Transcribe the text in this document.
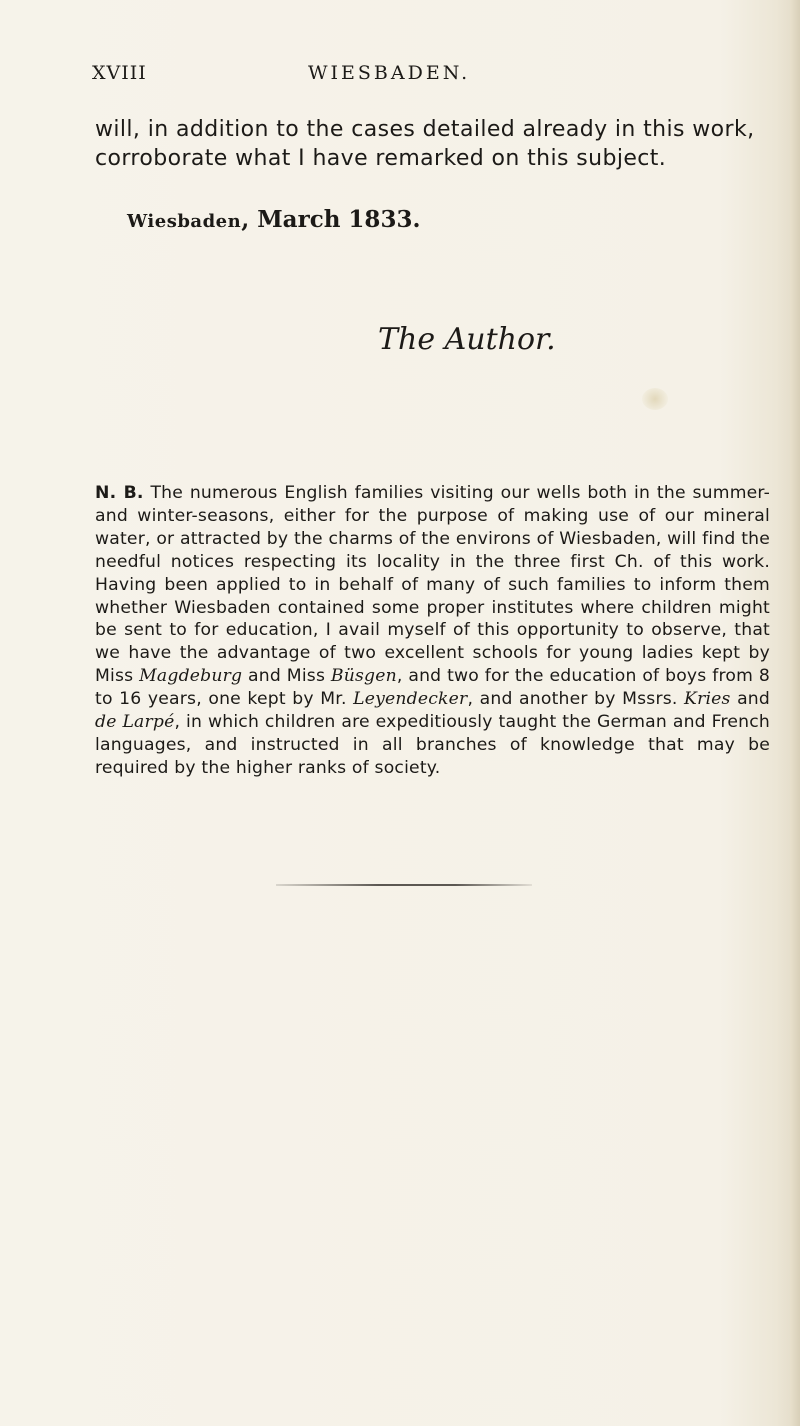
XVIII	WIESBADEN.

will, in addition to the cases detailed already in this work, corroborate what I have remarked on this subject.

Wiesbaden, March 1833.
The Author.
N. B. The numerous English families visiting our wells both in the summer- and winter-seasons, either for the purpose of making use of our mineral water, or attracted by the charms of the environs of Wiesbaden, will find the needful notices respecting its locality in the three first Ch. of this work. Having been applied to in behalf of many of such families to inform them whether Wiesbaden contained some proper institutes where children might be sent to for education, I avail myself of this opportunity to observe, that we have the advantage of two excellent schools for young ladies kept by Miss Magdeburg and Miss Büsgen, and two for the education of boys from 8 to 16 years, one kept by Mr. Leyendecker, and another by Mssrs. Kries and de Larpé, in which children are expeditiously taught the German and French languages, and instructed in all branches of knowledge that may be required by the higher ranks of society.
